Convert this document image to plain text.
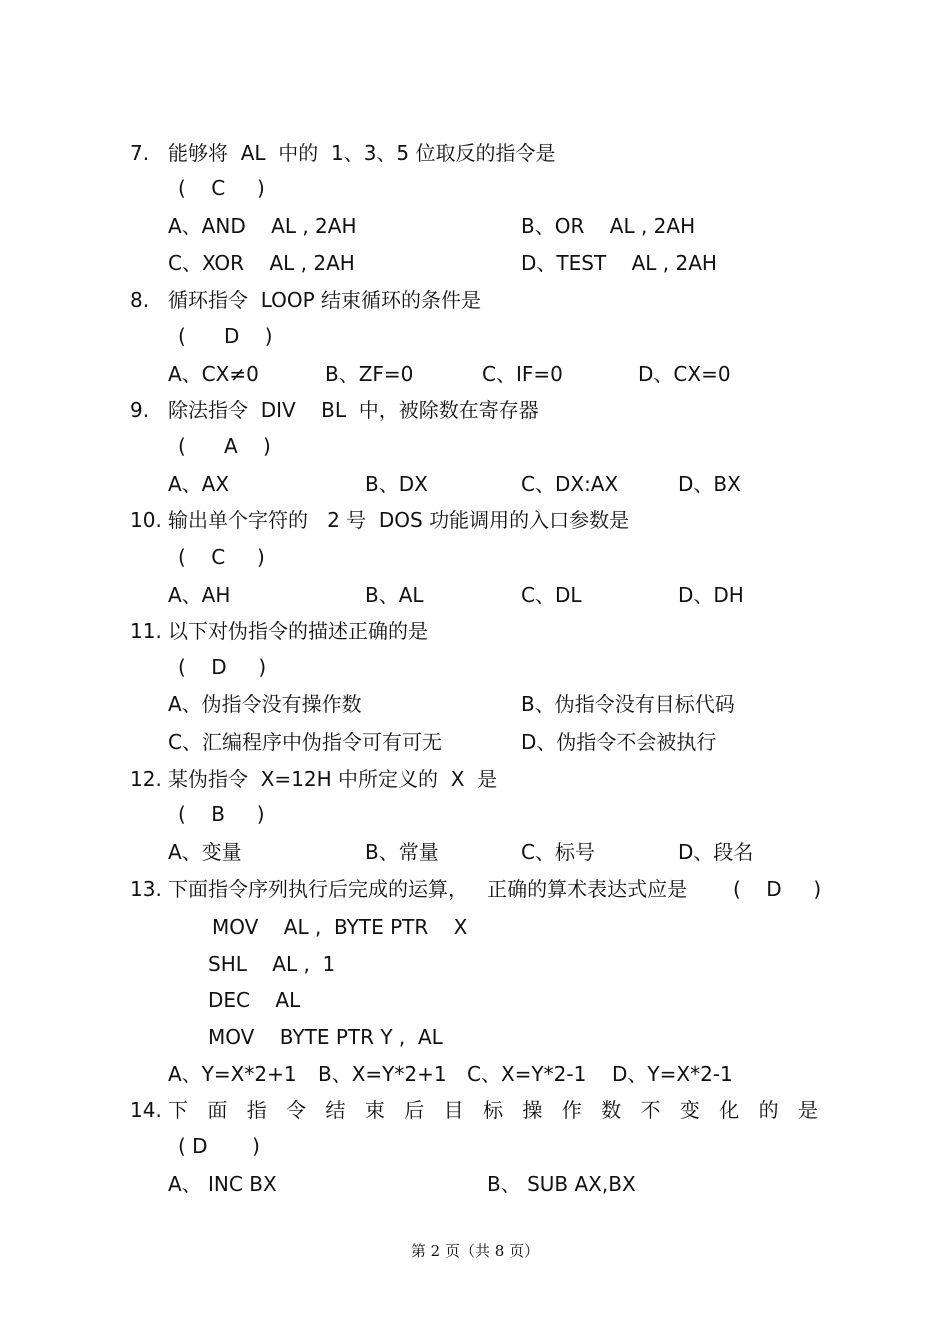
7. 能够将  AL  中的  1、3、5 位取反的指令是
(    C     )
A、AND    AL , 2AH	B、OR    AL , 2AH
C、XOR    AL , 2AH	D、TEST    AL , 2AH
8. 循环指令  LOOP 结束循环的条件是
(      D    )
A、CX≠0	B、ZF=0	C、IF=0	D、CX=0
9. 除法指令  DIV    BL  中，被除数在寄存器
(      A    )
A、AX	B、DX	C、DX:AX	D、BX
10. 输出单个字符的   2 号  DOS 功能调用的入口参数是
(    C     )
A、AH	B、AL	C、DL	D、DH
11. 以下对伪指令的描述正确的是
(    D     )
A、伪指令没有操作数	B、伪指令没有目标代码
C、汇编程序中伪指令可有可无	D、伪指令不会被执行
12. 某伪指令  X=12H 中所定义的  X  是
(    B     )
A、变量	B、常量	C、标号	D、段名
13. 下面指令序列执行后完成的运算，   正确的算术表达式应是 (    D     )
MOV    AL ,  BYTE PTR    X
SHL    AL ,  1
DEC    AL
MOV    BYTE PTR Y ,  AL
A、Y=X*2+1 B、X=Y*2+1 C、X=Y*2-1 D、Y=X*2-1
14. 下 面 指 令 结 束 后 目 标 操 作 数 不 变 化 的 是
( D       )
A、 INC BX	B、 SUB AX,BX
第 2 页（共 8 页）
